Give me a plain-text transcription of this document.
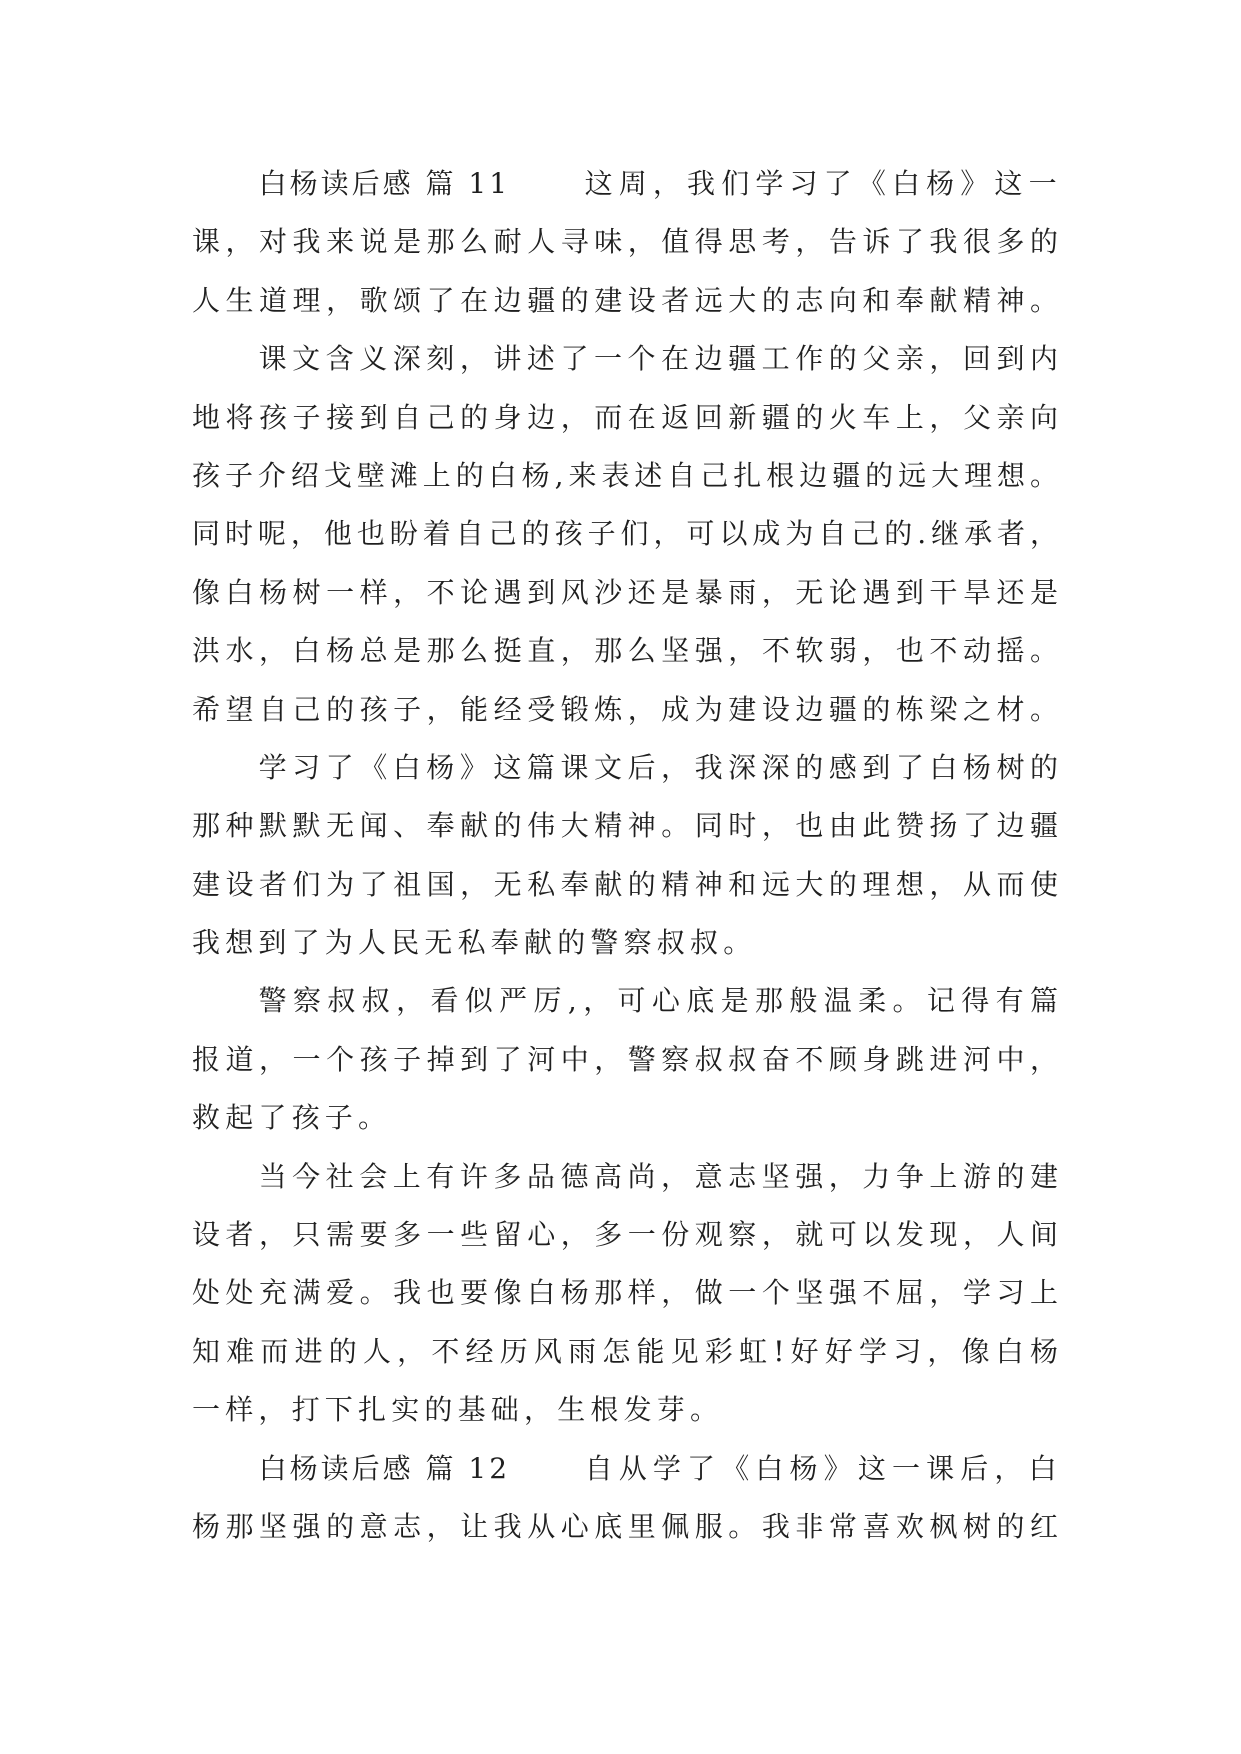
白杨读后感 篇 11	这周，我们学习了《白杨》这一
课，对我来说是那么耐人寻味，值得思考，告诉了我很多的
人生道理，歌颂了在边疆的建设者远大的志向和奉献精神。
课文含义深刻，讲述了一个在边疆工作的父亲，回到内
地将孩子接到自己的身边，而在返回新疆的火车上，父亲向
孩子介绍戈壁滩上的白杨,来表述自己扎根边疆的远大理想。
同时呢，他也盼着自己的孩子们，可以成为自己的.继承者，
像白杨树一样，不论遇到风沙还是暴雨，无论遇到干旱还是
洪水，白杨总是那么挺直，那么坚强，不软弱，也不动摇。
希望自己的孩子，能经受锻炼，成为建设边疆的栋梁之材。
学习了《白杨》这篇课文后，我深深的感到了白杨树的
那种默默无闻、奉献的伟大精神。同时，也由此赞扬了边疆
建设者们为了祖国，无私奉献的精神和远大的理想，从而使
我想到了为人民无私奉献的警察叔叔。
警察叔叔，看似严厉,，可心底是那般温柔。记得有篇
报道，一个孩子掉到了河中，警察叔叔奋不顾身跳进河中，
救起了孩子。
当今社会上有许多品德高尚，意志坚强，力争上游的建
设者，只需要多一些留心，多一份观察，就可以发现，人间
处处充满爱。我也要像白杨那样，做一个坚强不屈，学习上
知难而进的人，不经历风雨怎能见彩虹!好好学习，像白杨
一样，打下扎实的基础，生根发芽。
白杨读后感 篇 12	自从学了《白杨》这一课后，白
杨那坚强的意志，让我从心底里佩服。我非常喜欢枫树的红
